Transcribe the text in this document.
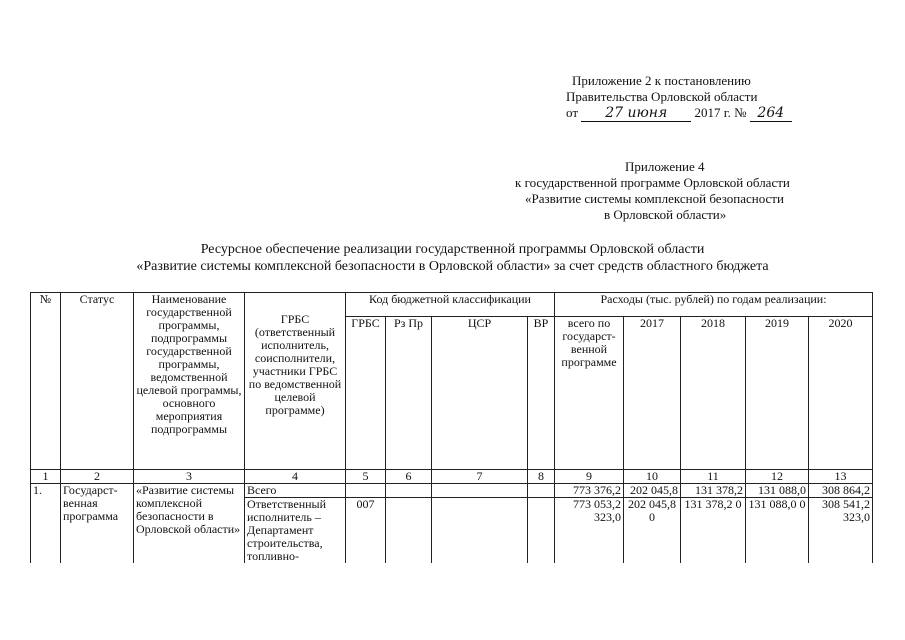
Приложение 2 к постановлению
Правительства Орловской области
от 27 июня 2017 г. № 264
Приложение 4
к государственной программе Орловской области
«Развитие системы комплексной безопасности
в Орловской области»
Ресурсное обеспечение реализации государственной программы Орловской области
«Развитие системы комплексной безопасности в Орловской области» за счет средств областного бюджета
№	Статус	Наименование государственной программы, подпрограммы государственной программы, ведомственной целевой программы, основного мероприятия подпрограммы	ГРБС (ответственный исполнитель, соисполнители, участники ГРБС по ведомственной целевой программе)	Код бюджетной классификации				Расходы (тыс. рублей) по годам реализации:				
				ГРБС	Рз Пр	ЦСР	ВР	всего по государст-венной программе	2017	2018	2019	2020
1	2	3	4	5	6	7	8	9	10	11	12	13
1.	Государст-венная программа	«Развитие системы комплексной безопасности в Орловской области»	Всего					773 376,2	202 045,8	131 378,2	131 088,0	308 864,2
			Ответственный исполнитель – Департамент строительства, топливно-	007				773 053,2 323,0	202 045,8 0	131 378,2 0	131 088,0 0	308 541,2 323,0
